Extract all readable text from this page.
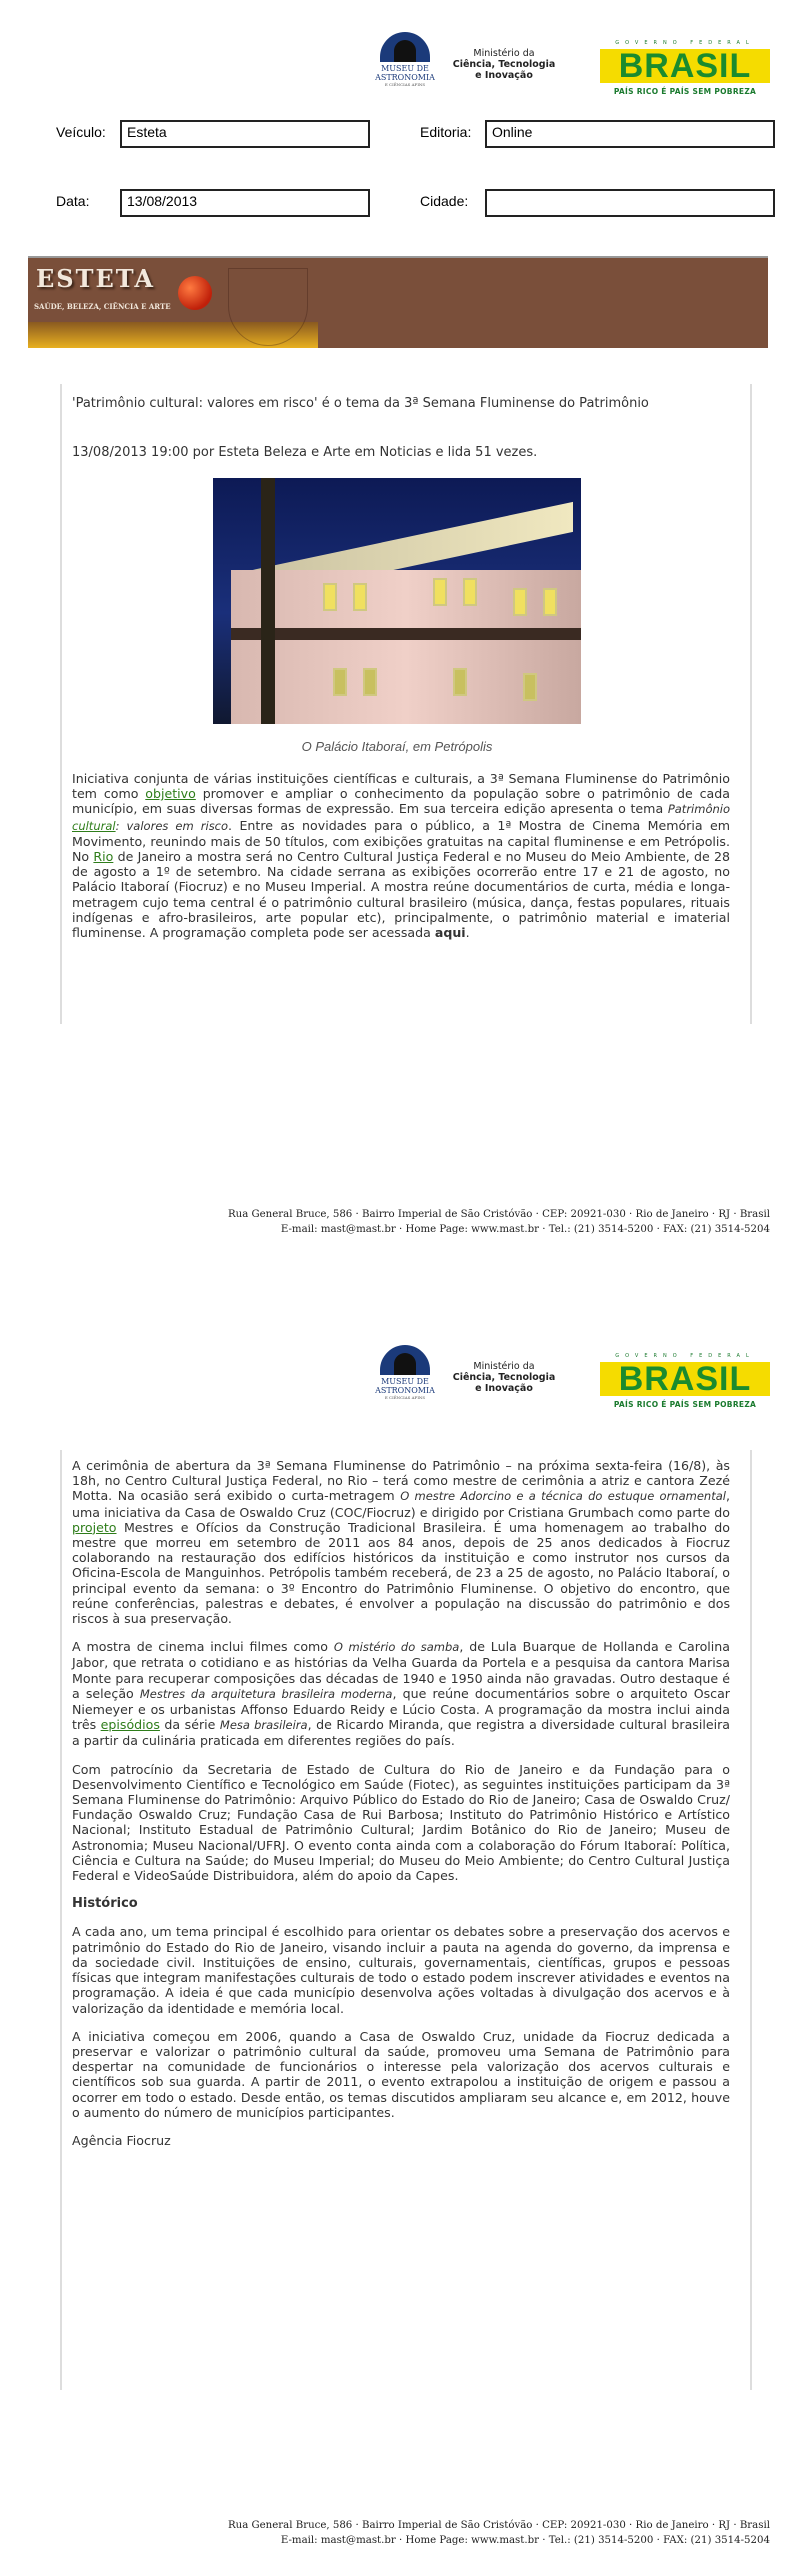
MUSEU DE
ASTRONOMIA
E CIÊNCIAS AFINS
Ministério da
Ciência, Tecnologia
e Inovação
GOVERNO FEDERAL
BRASIL
PAÍS RICO É PAÍS SEM POBREZA
Veículo:	Esteta	Editoria:	Online
Data:	13/08/2013	Cidade:
ESTETA
SAÚDE, BELEZA, CIÊNCIA E ARTE
'Patrimônio cultural: valores em risco' é o tema da 3ª Semana Fluminense do Patrimônio
13/08/2013 19:00 por Esteta Beleza e Arte em Noticias e lida 51 vezes.
O Palácio Itaboraí, em Petrópolis

Iniciativa conjunta de várias instituições científicas e culturais, a 3ª Semana Fluminense do Patrimônio tem como objetivo promover e ampliar o conhecimento da população sobre o patrimônio de cada município, em suas diversas formas de expressão. Em sua terceira edição apresenta o tema Patrimônio cultural: valores em risco. Entre as novidades para o público, a 1ª Mostra de Cinema Memória em Movimento, reunindo mais de 50 títulos, com exibições gratuitas na capital fluminense e em Petrópolis. No Rio de Janeiro a mostra será no Centro Cultural Justiça Federal e no Museu do Meio Ambiente, de 28 de agosto a 1º de setembro. Na cidade serrana as exibições ocorrerão entre 17 e 21 de agosto, no Palácio Itaboraí (Fiocruz) e no Museu Imperial. A mostra reúne documentários de curta, média e longa-metragem cujo tema central é o patrimônio cultural brasileiro (música, dança, festas populares, rituais indígenas e afro-brasileiros, arte popular etc), principalmente, o patrimônio material e imaterial fluminense. A programação completa pode ser acessada aqui.

Rua General Bruce, 586 · Bairro Imperial de São Cristóvão · CEP: 20921-030 · Rio de Janeiro · RJ · Brasil
E-mail: mast@mast.br · Home Page: www.mast.br · Tel.: (21) 3514-5200 · FAX: (21) 3514-5204
MUSEU DE
ASTRONOMIA
E CIÊNCIAS AFINS
Ministério da
Ciência, Tecnologia
e Inovação
GOVERNO FEDERAL
BRASIL
PAÍS RICO É PAÍS SEM POBREZA

A cerimônia de abertura da 3ª Semana Fluminense do Patrimônio – na próxima sexta-feira (16/8), às 18h, no Centro Cultural Justiça Federal, no Rio – terá como mestre de cerimônia a atriz e cantora Zezé Motta. Na ocasião será exibido o curta-metragem O mestre Adorcino e a técnica do estuque ornamental, uma iniciativa da Casa de Oswaldo Cruz (COC/Fiocruz) e dirigido por Cristiana Grumbach como parte do projeto Mestres e Ofícios da Construção Tradicional Brasileira. É uma homenagem ao trabalho do mestre que morreu em setembro de 2011 aos 84 anos, depois de 25 anos dedicados à Fiocruz colaborando na restauração dos edifícios históricos da instituição e como instrutor nos cursos da Oficina-Escola de Manguinhos. Petrópolis também receberá, de 23 a 25 de agosto, no Palácio Itaboraí, o principal evento da semana: o 3º Encontro do Patrimônio Fluminense. O objetivo do encontro, que reúne conferências, palestras e debates, é envolver a população na discussão do patrimônio e dos riscos à sua preservação.

A mostra de cinema inclui filmes como O mistério do samba, de Lula Buarque de Hollanda e Carolina Jabor, que retrata o cotidiano e as histórias da Velha Guarda da Portela e a pesquisa da cantora Marisa Monte para recuperar composições das décadas de 1940 e 1950 ainda não gravadas. Outro destaque é a seleção Mestres da arquitetura brasileira moderna, que reúne documentários sobre o arquiteto Oscar Niemeyer e os urbanistas Affonso Eduardo Reidy e Lúcio Costa. A programação da mostra inclui ainda três episódios da série Mesa brasileira, de Ricardo Miranda, que registra a diversidade cultural brasileira a partir da culinária praticada em diferentes regiões do país.

Com patrocínio da Secretaria de Estado de Cultura do Rio de Janeiro e da Fundação para o Desenvolvimento Científico e Tecnológico em Saúde (Fiotec), as seguintes instituições participam da 3ª Semana Fluminense do Patrimônio: Arquivo Público do Estado do Rio de Janeiro; Casa de Oswaldo Cruz/ Fundação Oswaldo Cruz; Fundação Casa de Rui Barbosa; Instituto do Patrimônio Histórico e Artístico Nacional; Instituto Estadual de Patrimônio Cultural; Jardim Botânico do Rio de Janeiro; Museu de Astronomia; Museu Nacional/UFRJ. O evento conta ainda com a colaboração do Fórum Itaboraí: Política, Ciência e Cultura na Saúde; do Museu Imperial; do Museu do Meio Ambiente; do Centro Cultural Justiça Federal e VideoSaúde Distribuidora, além do apoio da Capes.

Histórico

A cada ano, um tema principal é escolhido para orientar os debates sobre a preservação dos acervos e patrimônio do Estado do Rio de Janeiro, visando incluir a pauta na agenda do governo, da imprensa e da sociedade civil. Instituições de ensino, culturais, governamentais, científicas, grupos e pessoas físicas que integram manifestações culturais de todo o estado podem inscrever atividades e eventos na programação. A ideia é que cada município desenvolva ações voltadas à divulgação dos acervos e à valorização da identidade e memória local.

A iniciativa começou em 2006, quando a Casa de Oswaldo Cruz, unidade da Fiocruz dedicada a preservar e valorizar o patrimônio cultural da saúde, promoveu uma Semana de Patrimônio para despertar na comunidade de funcionários o interesse pela valorização dos acervos culturais e científicos sob sua guarda. A partir de 2011, o evento extrapolou a instituição de origem e passou a ocorrer em todo o estado. Desde então, os temas discutidos ampliaram seu alcance e, em 2012, houve o aumento do número de municípios participantes.

Agência Fiocruz

Rua General Bruce, 586 · Bairro Imperial de São Cristóvão · CEP: 20921-030 · Rio de Janeiro · RJ · Brasil
E-mail: mast@mast.br · Home Page: www.mast.br · Tel.: (21) 3514-5200 · FAX: (21) 3514-5204
